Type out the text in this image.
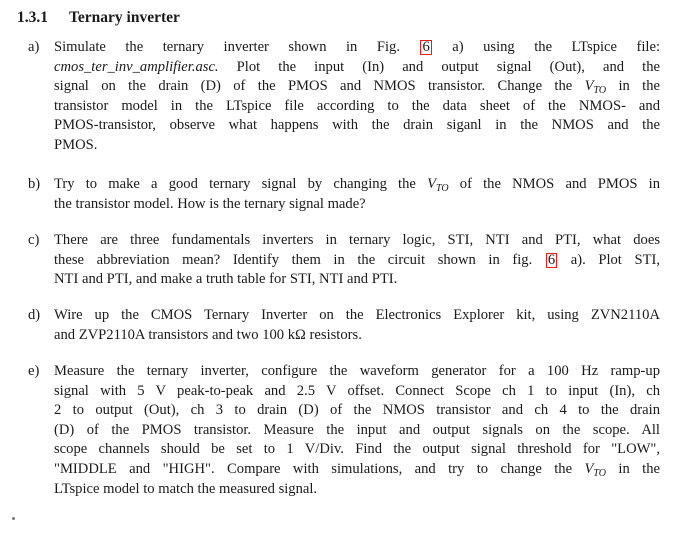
1.3.1 Ternary inverter
a) Simulate the ternary inverter shown in Fig. 6 a) using the LTspice file:
cmos_ter_inv_amplifier.asc. Plot the input (In) and output signal (Out), and the
signal on the drain (D) of the PMOS and NMOS transistor. Change the $V_{TO}$ in the
transistor model in the LTspice file according to the data sheet of the NMOS- and
PMOS-transistor, observe what happens with the drain siganl in the NMOS and the
PMOS.
b) Try to make a good ternary signal by changing the $V_{TO}$ of the NMOS and PMOS in
the transistor model. How is the ternary signal made?
c) There are three fundamentals inverters in ternary logic, STI, NTI and PTI, what does
these abbreviation mean? Identify them in the circuit shown in fig. 6 a). Plot STI,
NTI and PTI, and make a truth table for STI, NTI and PTI.
d) Wire up the CMOS Ternary Inverter on the Electronics Explorer kit, using ZVN2110A
and ZVP2110A transistors and two 100 kΩ resistors.
e) Measure the ternary inverter, configure the waveform generator for a 100 Hz ramp-up
signal with 5 V peak-to-peak and 2.5 V offset. Connect Scope ch 1 to input (In), ch
2 to output (Out), ch 3 to drain (D) of the NMOS transistor and ch 4 to the drain
(D) of the PMOS transistor. Measure the input and output signals on the scope. All
scope channels should be set to 1 V/Div. Find the output signal threshold for "LOW",
"MIDDLE and "HIGH". Compare with simulations, and try to change the $V_{TO}$ in the
LTspice model to match the measured signal.
